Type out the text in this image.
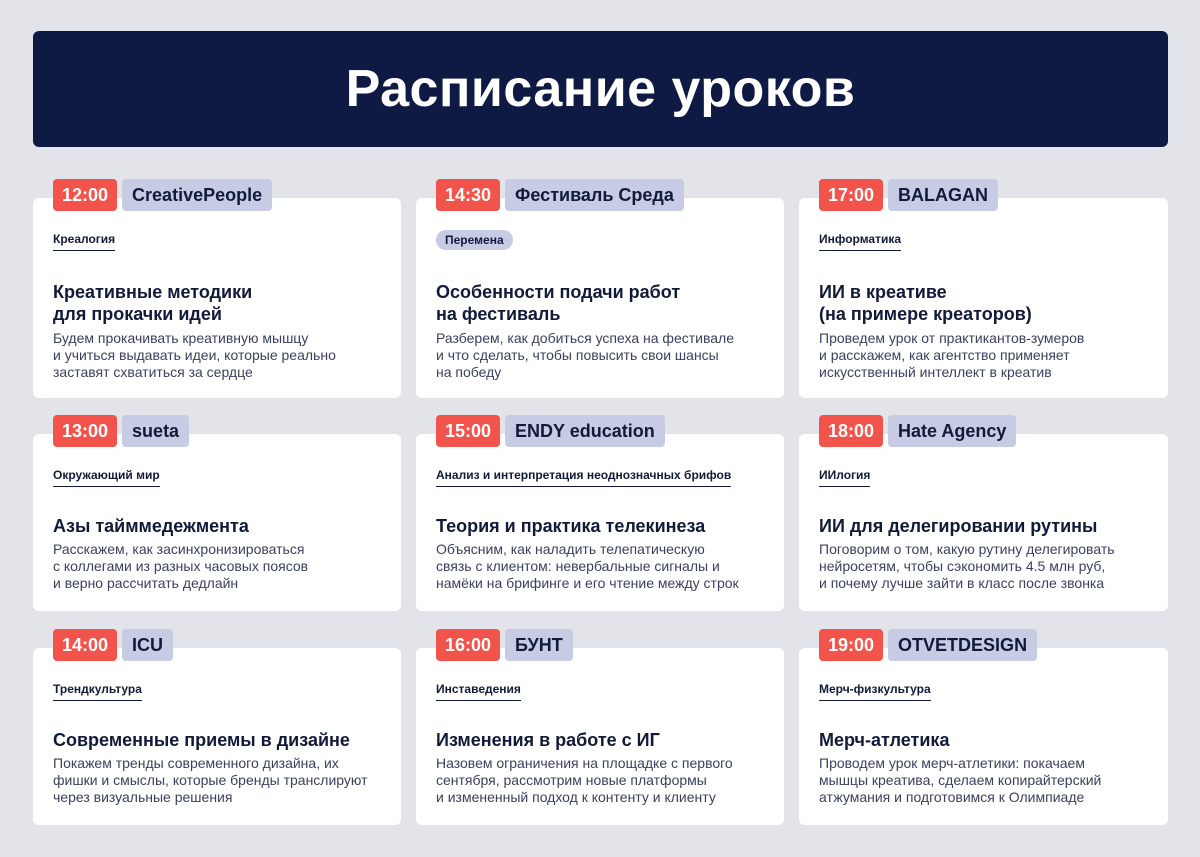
Расписание уроков
12:00	CreativePeople
Креалогия
Креативные методики
для прокачки идей

Будем прокачивать креативную мышцу
и учиться выдавать идеи, которые реально
заставят схватиться за сердце

14:30	Фестиваль Среда
Перемена
Особенности подачи работ
на фестиваль

Разберем, как добиться успеха на фестивале
и что сделать, чтобы повысить свои шансы
на победу

17:00	BALAGAN
Информатика
ИИ в креативе
(на примере креаторов)

Проведем урок от практикантов-зумеров
и расскажем, как агентство применяет
искусственный интеллект в креатив

13:00	sueta
Окружающий мир
Азы тайммедежмента

Расскажем, как засинхронизироваться
с коллегами из разных часовых поясов
и верно рассчитать дедлайн

15:00	ENDY education
Анализ и интерпретация неоднозначных брифов
Теория и практика телекинеза

Объясним, как наладить телепатическую
связь с клиентом: невербальные сигналы и
намёки на брифинге и его чтение между строк

18:00	Hate Agency
ИИлогия
ИИ для делегировании рутины

Поговорим о том, какую рутину делегировать
нейросетям, чтобы сэкономить 4.5 млн руб,
и почему лучше зайти в класс после звонка

14:00	ICU
Трендкультура
Современные приемы в дизайне

Покажем тренды современного дизайна, их
фишки и смыслы, которые бренды транслируют
через визуальные решения

16:00	БУНТ
Инставедения
Изменения в работе с ИГ

Назовем ограничения на площадке с первого
сентября, рассмотрим новые платформы
и измененный подход к контенту и клиенту

19:00	OTVETDESIGN
Мерч-физкультура
Мерч-атлетика

Проводем урок мерч-атлетики: покачаем
мышцы креатива, сделаем копирайтерский
атжумания и подготовимся к Олимпиаде
